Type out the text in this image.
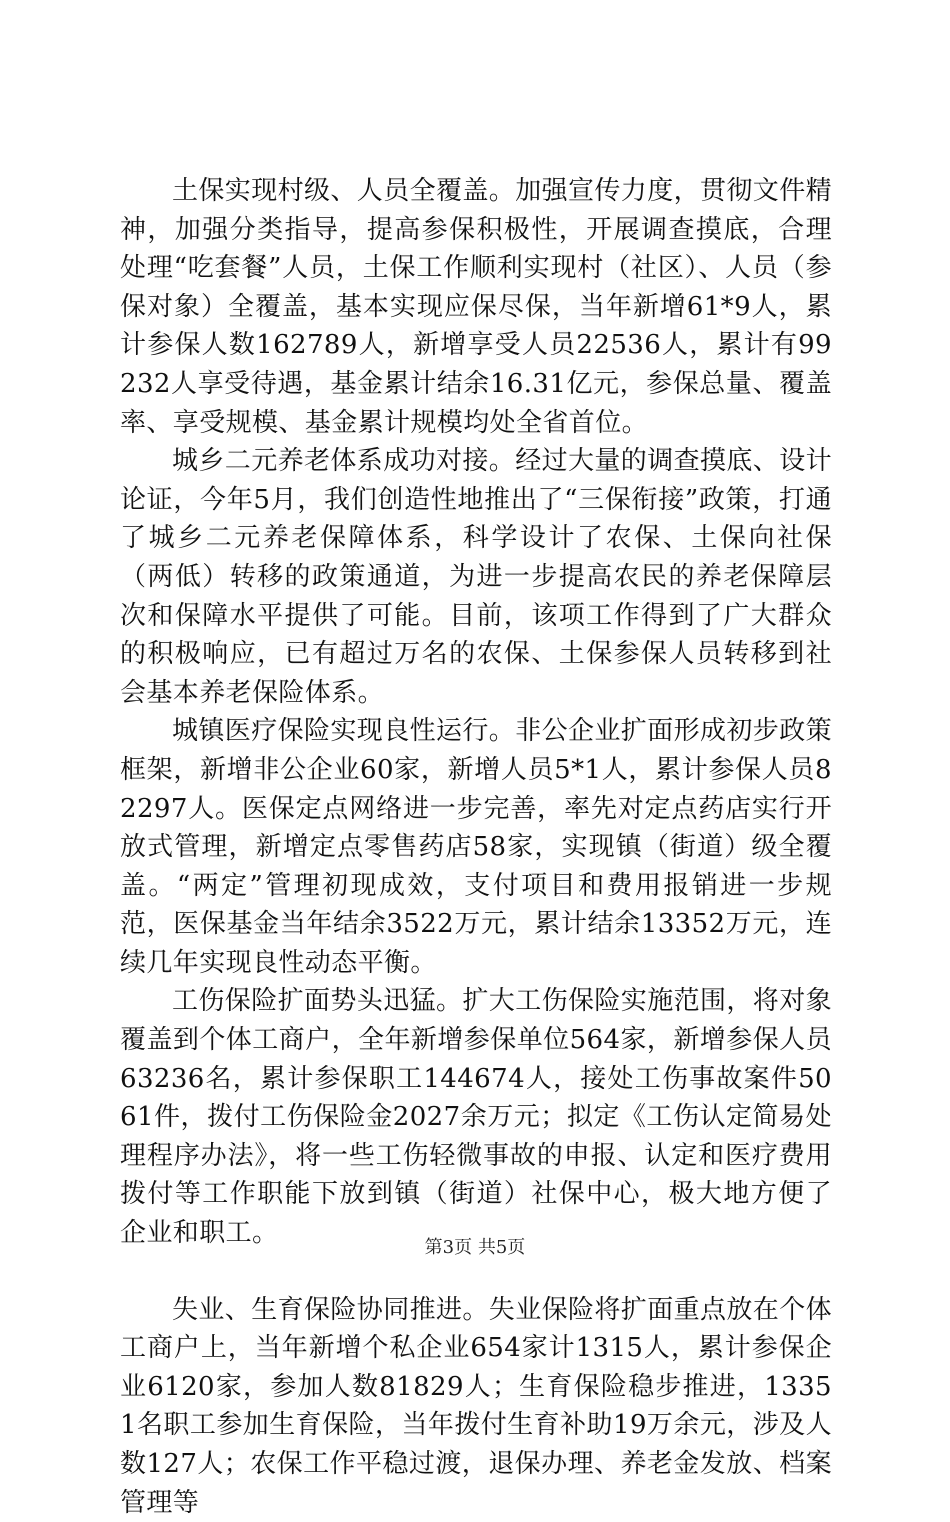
土保实现村级、人员全覆盖。加强宣传力度，贯彻文件精神，加强分类指导，提高参保积极性，开展调查摸底，合理处理“吃套餐”人员，土保工作顺利实现村（社区）、人员（参保对象）全覆盖，基本实现应保尽保，当年新增61*9人，累计参保人数162789人，新增享受人员22536人，累计有99232人享受待遇，基金累计结余16.31亿元，参保总量、覆盖率、享受规模、基金累计规模均处全省首位。

城乡二元养老体系成功对接。经过大量的调查摸底、设计论证，今年5月，我们创造性地推出了“三保衔接”政策，打通了城乡二元养老保障体系，科学设计了农保、土保向社保（两低）转移的政策通道，为进一步提高农民的养老保障层次和保障水平提供了可能。目前，该项工作得到了广大群众的积极响应，已有超过万名的农保、土保参保人员转移到社会基本养老保险体系。

城镇医疗保险实现良性运行。非公企业扩面形成初步政策框架，新增非公企业60家，新增人员5*1人，累计参保人员82297人。医保定点网络进一步完善，率先对定点药店实行开放式管理，新增定点零售药店58家，实现镇（街道）级全覆盖。“两定”管理初现成效，支付项目和费用报销进一步规范，医保基金当年结余3522万元，累计结余13352万元，连续几年实现良性动态平衡。

工伤保险扩面势头迅猛。扩大工伤保险实施范围，将对象覆盖到个体工商户，全年新增参保单位564家，新增参保人员63236名，累计参保职工144674人，接处工伤事故案件5061件，拨付工伤保险金2027余万元；拟定《工伤认定简易处理程序办法》，将一些工伤轻微事故的申报、认定和医疗费用拨付等工作职能下放到镇（街道）社保中心，极大地方便了企业和职工。

失业、生育保险协同推进。失业保险将扩面重点放在个体工商户上，当年新增个私企业654家计1315人，累计参保企业6120家，参加人数81829人；生育保险稳步推进，13351名职工参加生育保险，当年拨付生育补助19万余元，涉及人数127人；农保工作平稳过渡，退保办理、养老金发放、档案管理等

第3页 共5页
